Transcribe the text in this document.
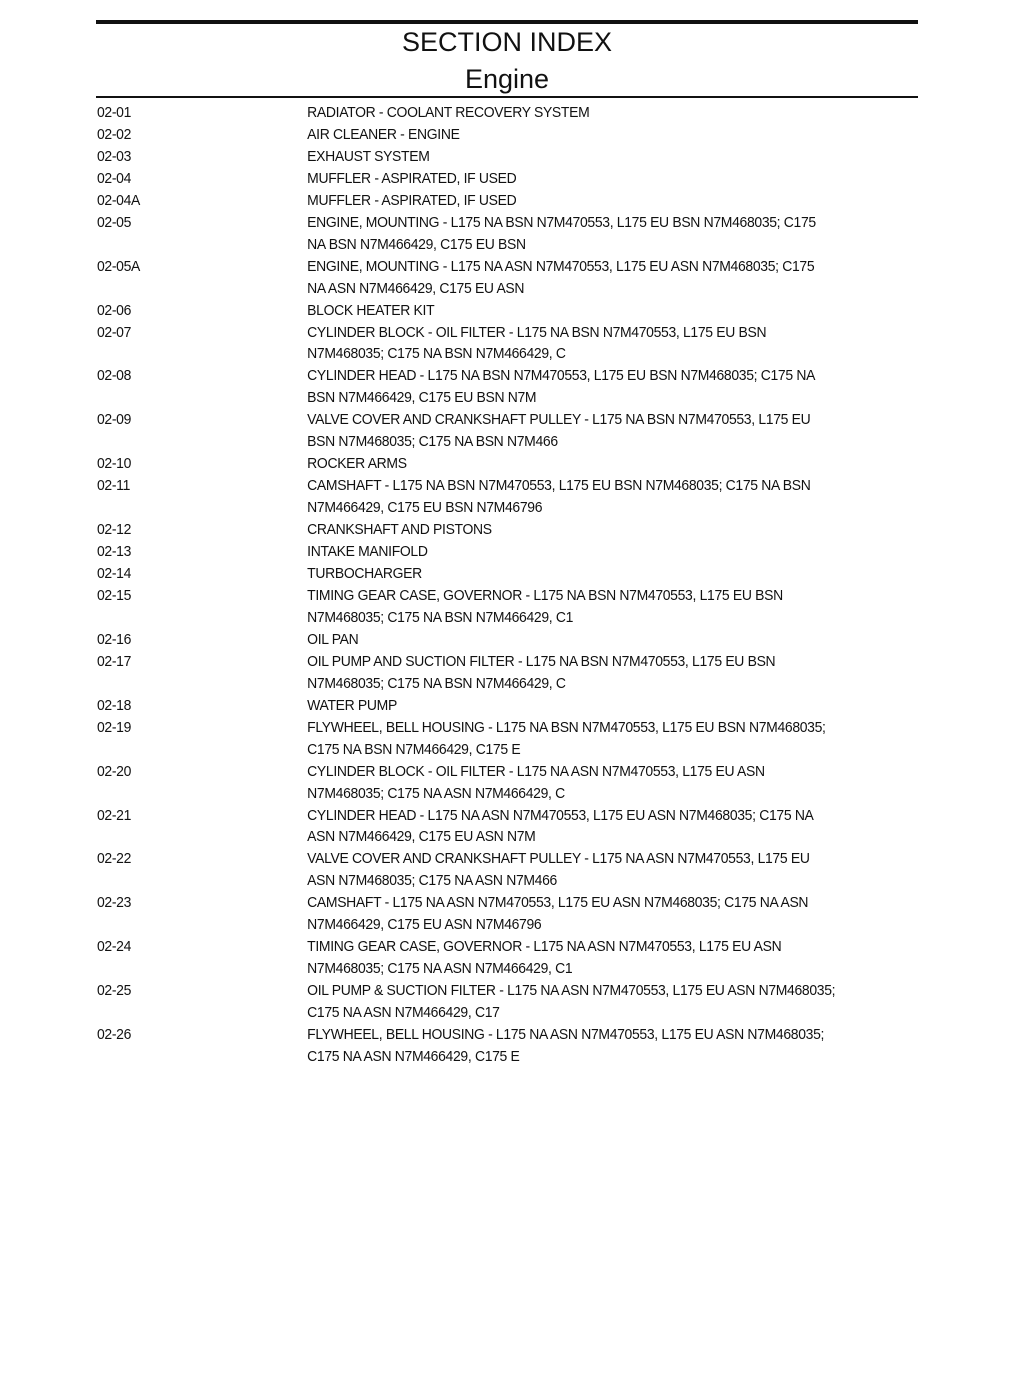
SECTION INDEX
Engine
02-01	RADIATOR - COOLANT RECOVERY SYSTEM
02-02	AIR CLEANER - ENGINE
02-03	EXHAUST SYSTEM
02-04	MUFFLER - ASPIRATED, IF USED
02-04A	MUFFLER - ASPIRATED, IF USED
02-05	ENGINE, MOUNTING - L175 NA BSN N7M470553, L175 EU BSN N7M468035; C175
NA BSN N7M466429, C175 EU BSN
02-05A	ENGINE, MOUNTING - L175 NA ASN N7M470553, L175 EU ASN N7M468035; C175
NA ASN N7M466429, C175 EU ASN
02-06	BLOCK HEATER KIT
02-07	CYLINDER BLOCK - OIL FILTER - L175 NA BSN N7M470553, L175 EU BSN
N7M468035; C175 NA BSN N7M466429, C
02-08	CYLINDER HEAD - L175 NA BSN N7M470553, L175 EU BSN N7M468035; C175 NA
BSN N7M466429, C175 EU BSN N7M
02-09	VALVE COVER AND CRANKSHAFT PULLEY - L175 NA BSN N7M470553, L175 EU
BSN N7M468035; C175 NA BSN N7M466
02-10	ROCKER ARMS
02-11	CAMSHAFT - L175 NA BSN N7M470553, L175 EU BSN N7M468035; C175 NA BSN
N7M466429, C175 EU BSN N7M46796
02-12	CRANKSHAFT AND PISTONS
02-13	INTAKE MANIFOLD
02-14	TURBOCHARGER
02-15	TIMING GEAR CASE, GOVERNOR - L175 NA BSN N7M470553, L175 EU BSN
N7M468035; C175 NA BSN N7M466429, C1
02-16	OIL PAN
02-17	OIL PUMP AND SUCTION FILTER - L175 NA BSN N7M470553, L175 EU BSN
N7M468035; C175 NA BSN N7M466429, C
02-18	WATER PUMP
02-19	FLYWHEEL, BELL HOUSING - L175 NA BSN N7M470553, L175 EU BSN N7M468035;
C175 NA BSN N7M466429, C175 E
02-20	CYLINDER BLOCK - OIL FILTER - L175 NA ASN N7M470553, L175 EU ASN
N7M468035; C175 NA ASN N7M466429, C
02-21	CYLINDER HEAD - L175 NA ASN N7M470553, L175 EU ASN N7M468035; C175 NA
ASN N7M466429, C175 EU ASN N7M
02-22	VALVE COVER AND CRANKSHAFT PULLEY - L175 NA ASN N7M470553, L175 EU
ASN N7M468035; C175 NA ASN N7M466
02-23	CAMSHAFT - L175 NA ASN N7M470553, L175 EU ASN N7M468035; C175 NA ASN
N7M466429, C175 EU ASN N7M46796
02-24	TIMING GEAR CASE, GOVERNOR - L175 NA ASN N7M470553, L175 EU ASN
N7M468035; C175 NA ASN N7M466429, C1
02-25	OIL PUMP & SUCTION FILTER - L175 NA ASN N7M470553, L175 EU ASN N7M468035;
C175 NA ASN N7M466429, C17
02-26	FLYWHEEL, BELL HOUSING - L175 NA ASN N7M470553, L175 EU ASN N7M468035;
C175 NA ASN N7M466429, C175 E
